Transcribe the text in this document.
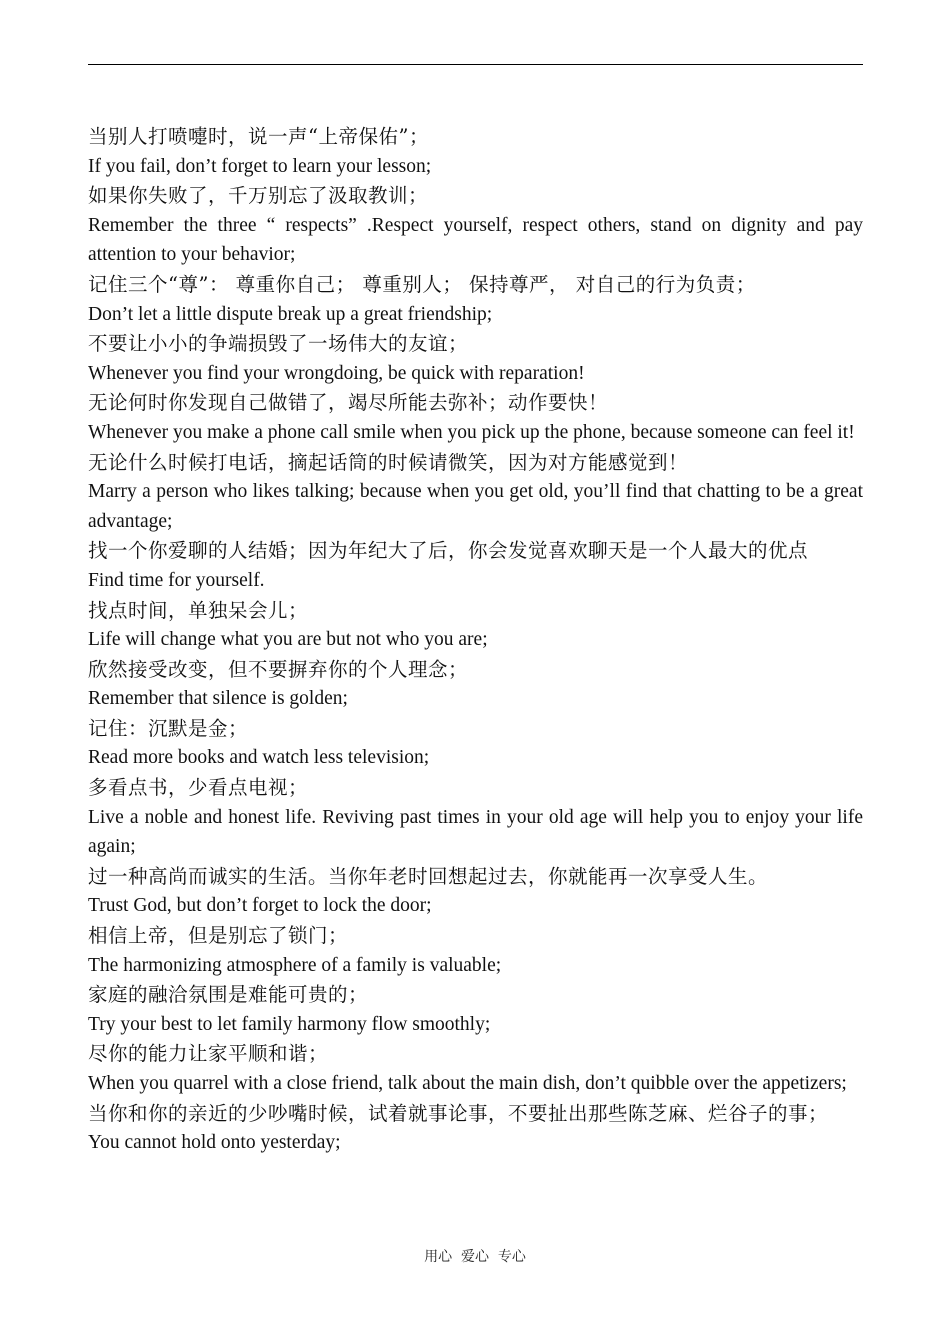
当别人打喷嚏时，说一声“上帝保佑”；

If you fail, don’t forget to learn your lesson;

如果你失败了，千万别忘了汲取教训；

Remember the three “ respects” .Respect yourself, respect others, stand on dignity and pay attention to your behavior;

记住三个“尊”： 尊重你自己； 尊重别人； 保持尊严， 对自己的行为负责；

Don’t let a little dispute break up a great friendship;

不要让小小的争端损毁了一场伟大的友谊；

Whenever you find your wrongdoing, be quick with reparation!

无论何时你发现自己做错了，竭尽所能去弥补；动作要快！

Whenever you make a phone call smile when you pick up the phone, because someone can feel it!

无论什么时候打电话，摘起话筒的时候请微笑，因为对方能感觉到！

Marry a person who likes talking; because when you get old, you’ll find that chatting to be a great advantage;

找一个你爱聊的人结婚；因为年纪大了后，你会发觉喜欢聊天是一个人最大的优点

Find time for yourself.

找点时间，单独呆会儿；

Life will change what you are but not who you are;

欣然接受改变，但不要摒弃你的个人理念；

Remember that silence is golden;

记住：沉默是金；

Read more books and watch less television;

多看点书，少看点电视；

Live a noble and honest life. Reviving past times in your old age will help you to enjoy your life again;

过一种高尚而诚实的生活。当你年老时回想起过去，你就能再一次享受人生。

Trust God, but don’t forget to lock the door;

相信上帝，但是别忘了锁门；

The harmonizing atmosphere of a family is valuable;

家庭的融洽氛围是难能可贵的；

Try your best to let family harmony flow smoothly;

尽你的能力让家平顺和谐；

When you quarrel with a close friend, talk about the main dish, don’t quibble over the appetizers;

当你和你的亲近的少吵嘴时候，试着就事论事，不要扯出那些陈芝麻、烂谷子的事；

You cannot hold onto yesterday;

用心  爱心  专心
